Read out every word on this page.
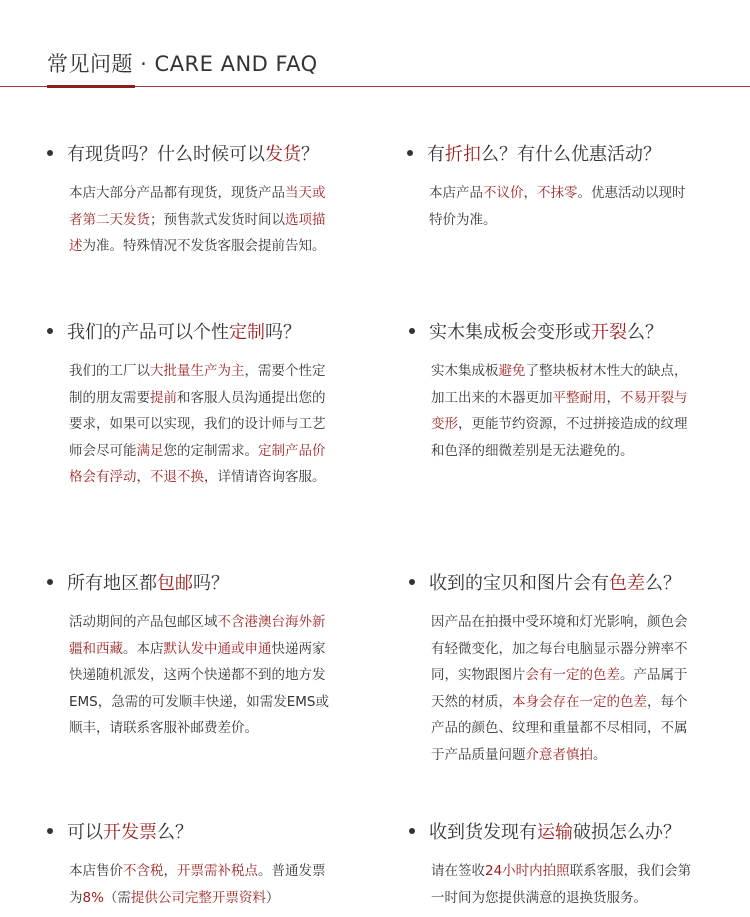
常见问题 · CARE AND FAQ
有现货吗？什么时候可以发货？
本店大部分产品都有现货，现货产品当天或者第二天发货；预售款式发货时间以选项描述为准。特殊情况不发货客服会提前告知。
有折扣么？有什么优惠活动？
本店产品不议价，不抹零。优惠活动以现时特价为准。
我们的产品可以个性定制吗？
我们的工厂以大批量生产为主，需要个性定制的朋友需要提前和客服人员沟通提出您的要求，如果可以实现，我们的设计师与工艺师会尽可能满足您的定制需求。定制产品价格会有浮动，不退不换，详情请咨询客服。
实木集成板会变形或开裂么？
实木集成板避免了整块板材木性大的缺点，加工出来的木器更加平整耐用，不易开裂与变形，更能节约资源，不过拼接造成的纹理和色泽的细微差别是无法避免的。
所有地区都包邮吗？
活动期间的产品包邮区域不含港澳台海外新疆和西藏。本店默认发中通或申通快递两家快递随机派发，这两个快递都不到的地方发EMS，急需的可发顺丰快递，如需发EMS或顺丰，请联系客服补邮费差价。
收到的宝贝和图片会有色差么？
因产品在拍摄中受环境和灯光影响，颜色会有轻微变化，加之每台电脑显示器分辨率不同，实物跟图片会有一定的色差。产品属于天然的材质，本身会存在一定的色差，每个产品的颜色、纹理和重量都不尽相同，不属于产品质量问题介意者慎拍。
可以开发票么？
本店售价不含税，开票需补税点。普通发票为8%（需提供公司完整开票资料）
收到货发现有运输破损怎么办？
请在签收24小时内拍照联系客服，我们会第一时间为您提供满意的退换货服务。
